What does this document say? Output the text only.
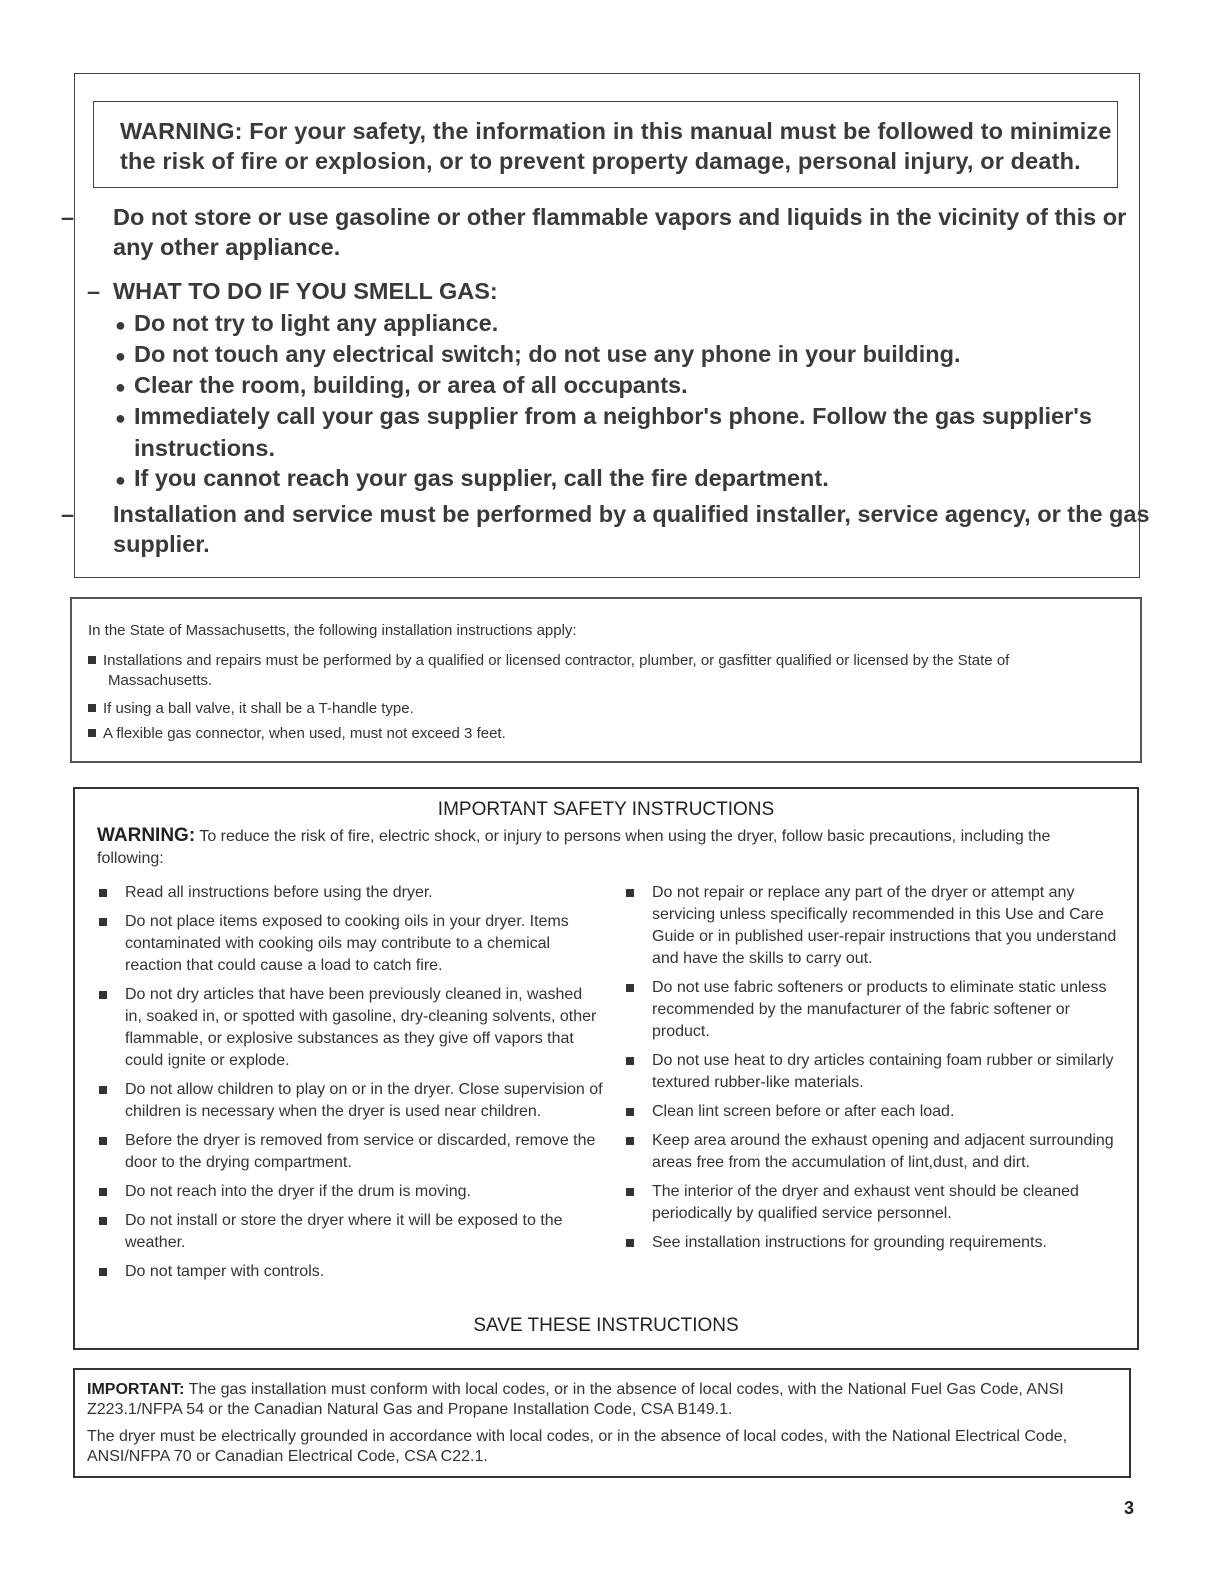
WARNING: For your safety, the information in this manual must be followed to minimize

the risk of fire or explosion, or to prevent property damage, personal injury, or death.

– Do not store or use gasoline or other flammable vapors and liquids in the vicinity of this or any other appliance.
– WHAT TO DO IF YOU SMELL GAS:
● Do not try to light any appliance.
● Do not touch any electrical switch; do not use any phone in your building.
● Clear the room, building, or area of all occupants.
● Immediately call your gas supplier from a neighbor's phone. Follow the gas supplier's instructions.
● If you cannot reach your gas supplier, call the fire department.
– Installation and service must be performed by a qualified installer, service agency, or the gas supplier.
In the State of Massachusetts, the following installation instructions apply:
Installations and repairs must be performed by a qualified or licensed contractor, plumber, or gasfitter qualified or licensed by the State of Massachusetts.
If using a ball valve, it shall be a T-handle type.
A flexible gas connector, when used, must not exceed 3 feet.
IMPORTANT SAFETY INSTRUCTIONS
WARNING: To reduce the risk of fire, electric shock, or injury to persons when using the dryer, follow basic precautions, including the following:
Read all instructions before using the dryer.
Do not place items exposed to cooking oils in your dryer. Items contaminated with cooking oils may contribute to a chemical reaction that could cause a load to catch fire.
Do not dry articles that have been previously cleaned in, washed in, soaked in, or spotted with gasoline, dry-cleaning solvents, other flammable, or explosive substances as they give off vapors that could ignite or explode.
Do not allow children to play on or in the dryer. Close supervision of children is necessary when the dryer is used near children.
Before the dryer is removed from service or discarded, remove the door to the drying compartment.
Do not reach into the dryer if the drum is moving.
Do not install or store the dryer where it will be exposed to the weather.
Do not tamper with controls.
Do not repair or replace any part of the dryer or attempt any servicing unless specifically recommended in this Use and Care Guide or in published user-repair instructions that you understand and have the skills to carry out.
Do not use fabric softeners or products to eliminate static unless recommended by the manufacturer of the fabric softener or product.
Do not use heat to dry articles containing foam rubber or similarly textured rubber-like materials.
Clean lint screen before or after each load.
Keep area around the exhaust opening and adjacent surrounding areas free from the accumulation of lint,dust, and dirt.
The interior of the dryer and exhaust vent should be cleaned periodically by qualified service personnel.
See installation instructions for grounding requirements.
SAVE THESE INSTRUCTIONS

IMPORTANT: The gas installation must conform with local codes, or in the absence of local codes, with the National Fuel Gas Code, ANSI Z223.1/NFPA 54 or the Canadian Natural Gas and Propane Installation Code, CSA B149.1.

The dryer must be electrically grounded in accordance with local codes, or in the absence of local codes, with the National Electrical Code, ANSI/NFPA 70 or Canadian Electrical Code, CSA C22.1.

3
